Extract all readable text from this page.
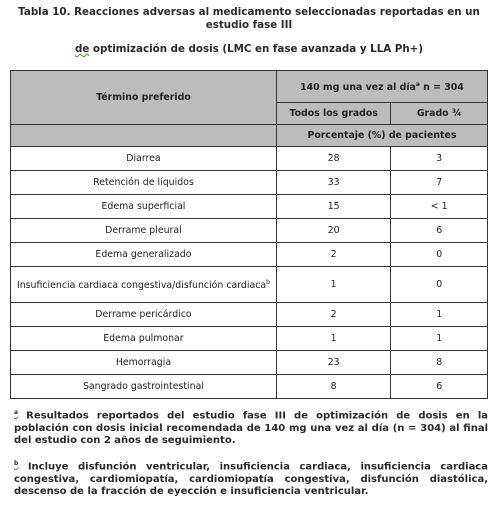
Tabla 10. Reacciones adversas al medicamento seleccionadas reportadas en un estudio fase III
de optimización de dosis (LMC en fase avanzada y LLA Ph+)
Término preferido	140 mg una vez al día$^a$ n = 304	
	Todos los grados	Grado ¾
	Porcentaje (%) de pacientes	
Diarrea	28	3
Retención de líquidos	33	7
Edema superficial	15	< 1
Derrame pleural	20	6
Edema generalizado	2	0
Insuficiencia cardiaca congestiva/disfunción cardiaca$^b$	1	0
Derrame pericárdico	2	1
Edema pulmonar	1	1
Hemorragia	23	8
Sangrado gastrointestinal	8	6
$^a$ Resultados reportados del estudio fase III de optimización de dosis en la población con dosis inicial recomendada de 140 mg una vez al día (n = 304) al final del estudio con 2 años de seguimiento.
$^b$ Incluye disfunción ventricular, insuficiencia cardiaca, insuficiencia cardiaca congestiva, cardiomiopatía, cardiomiopatía congestiva, disfunción diastólica, descenso de la fracción de eyección e insuficiencia ventricular.
